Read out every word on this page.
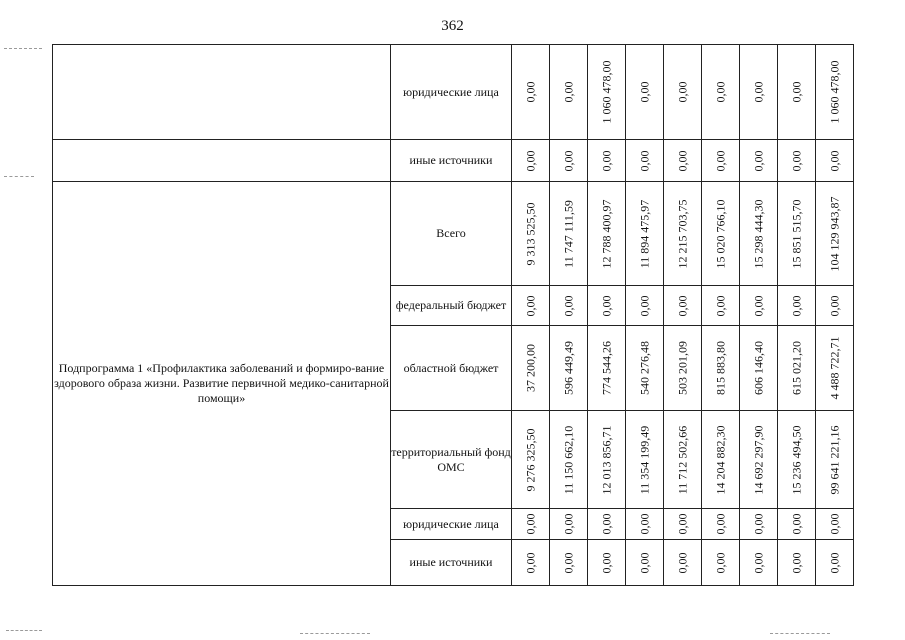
362
	юридические лица	0,00	0,00	1 060 478,00	0,00	0,00	0,00	0,00	0,00	1 060 478,00

	иные источники	0,00	0,00	0,00	0,00	0,00	0,00	0,00	0,00	0,00

Подпрограмма 1 «Профилактика заболеваний и формиро-вание здорового образа жизни. Развитие первичной медико-санитарной помощи»	Всего	9 313 525,50	11 747 111,59	12 788 400,97	11 894 475,97	12 215 703,75	15 020 766,10	15 298 444,30	15 851 515,70	104 129 943,87

	федеральный бюджет	0,00	0,00	0,00	0,00	0,00	0,00	0,00	0,00	0,00

	областной бюджет	37 200,00	596 449,49	774 544,26	540 276,48	503 201,09	815 883,80	606 146,40	615 021,20	4 488 722,71

	территориальный фонд ОМС	9 276 325,50	11 150 662,10	12 013 856,71	11 354 199,49	11 712 502,66	14 204 882,30	14 692 297,90	15 236 494,50	99 641 221,16

	юридические лица	0,00	0,00	0,00	0,00	0,00	0,00	0,00	0,00	0,00

	иные источники	0,00	0,00	0,00	0,00	0,00	0,00	0,00	0,00	0,00
